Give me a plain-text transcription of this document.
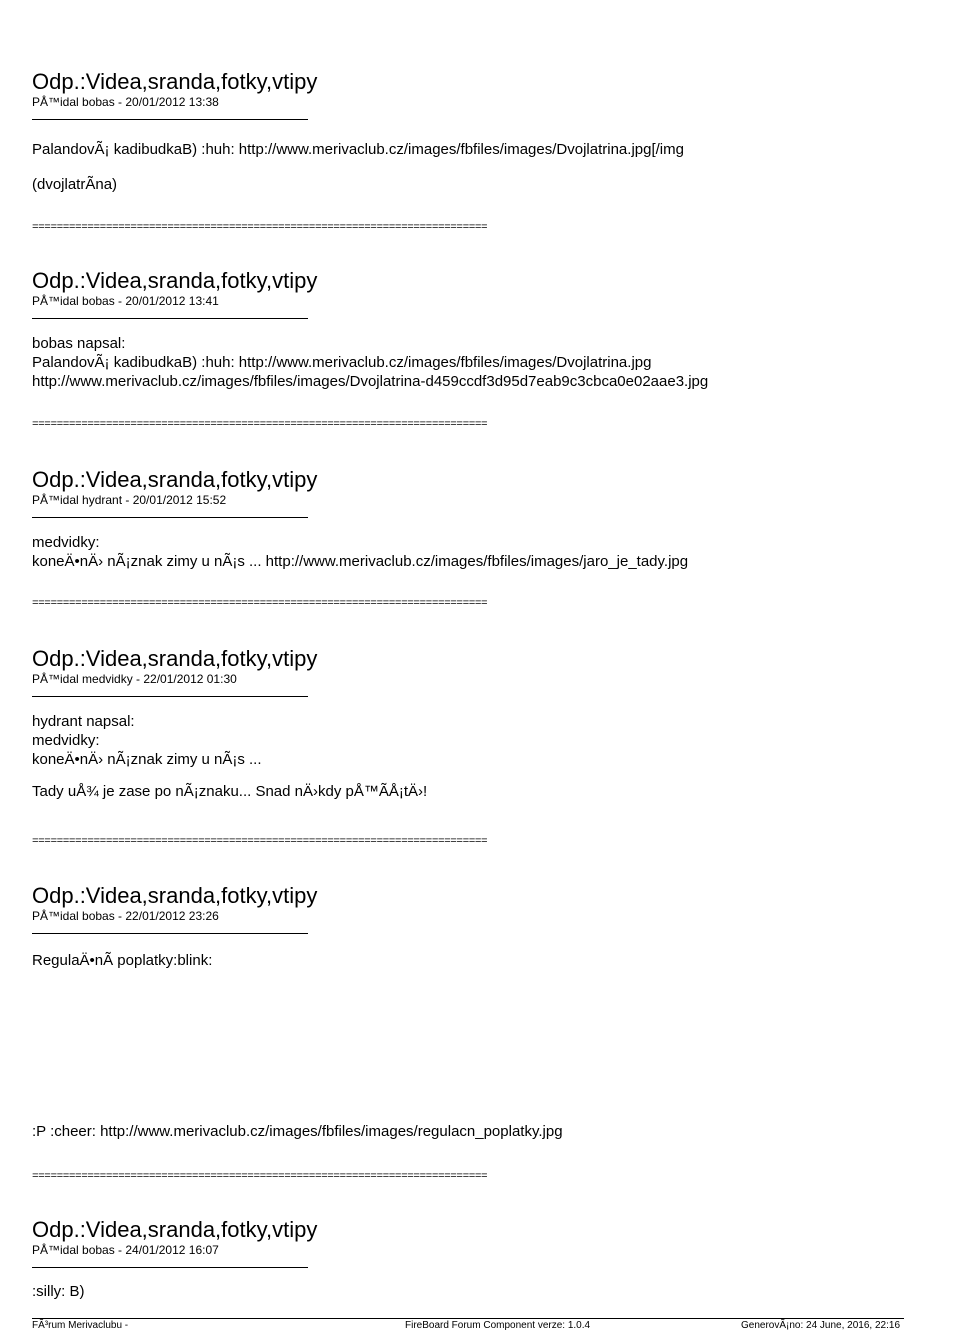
Odp.:Videa,sranda,fotky,vtipy
PÅ™idal bobas - 20/01/2012 13:38
PalandovÃ¡ kadibudkaB) :huh: http://www.merivaclub.cz/images/fbfiles/images/Dvojlatrina.jpg[/img
(dvojlatrÃna)
==========================================================================
Odp.:Videa,sranda,fotky,vtipy
PÅ™idal bobas - 20/01/2012 13:41
bobas napsal:
PalandovÃ¡ kadibudkaB) :huh: http://www.merivaclub.cz/images/fbfiles/images/Dvojlatrina.jpg
http://www.merivaclub.cz/images/fbfiles/images/Dvojlatrina-d459ccdf3d95d7eab9c3cbca0e02aae3.jpg
==========================================================================
Odp.:Videa,sranda,fotky,vtipy
PÅ™idal hydrant - 20/01/2012 15:52
medvidky:
koneÄ•nÄ› nÃ¡znak zimy u nÃ¡s ... http://www.merivaclub.cz/images/fbfiles/images/jaro_je_tady.jpg
==========================================================================
Odp.:Videa,sranda,fotky,vtipy
PÅ™idal medvidky - 22/01/2012 01:30
hydrant napsal:
medvidky:
koneÄ•nÄ› nÃ¡znak zimy u nÃ¡s ...
Tady uÅ¾ je zase po nÃ¡znaku... Snad nÄ›kdy pÅ™ÃÅ¡tÄ›!
==========================================================================
Odp.:Videa,sranda,fotky,vtipy
PÅ™idal bobas - 22/01/2012 23:26
RegulaÄ•nÃ poplatky:blink:
:P :cheer: http://www.merivaclub.cz/images/fbfiles/images/regulacn_poplatky.jpg
==========================================================================
Odp.:Videa,sranda,fotky,vtipy
PÅ™idal bobas - 24/01/2012 16:07
:silly: B)
FÃ³rum Merivaclubu -	FireBoard Forum Component verze: 1.0.4	GenerovÃ¡no: 24 June, 2016, 22:16
